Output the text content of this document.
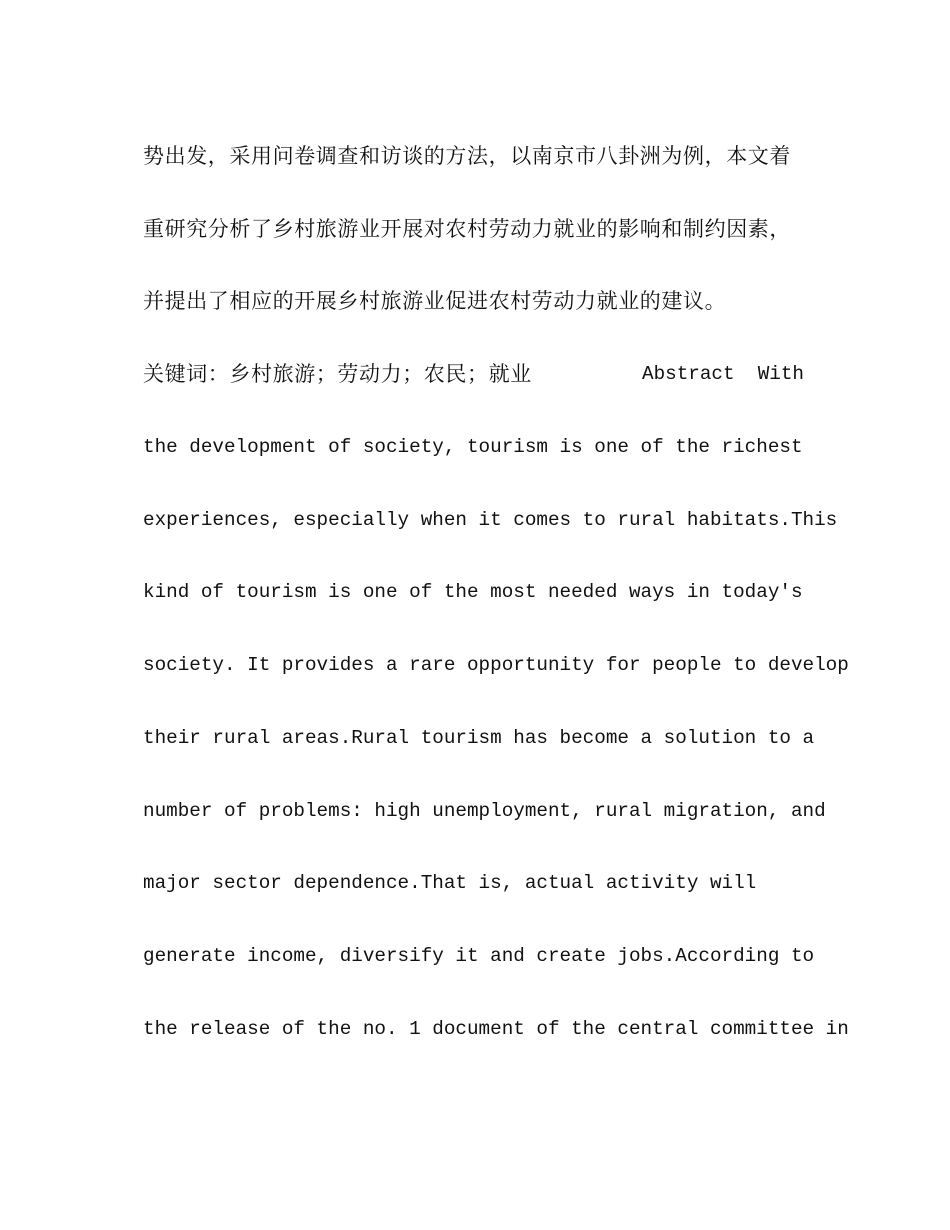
势出发，采用问卷调查和访谈的方法，以南京市八卦洲为例，本文着
重研究分析了乡村旅游业开展对农村劳动力就业的影响和制约因素，
并提出了相应的开展乡村旅游业促进农村劳动力就业的建议。
关键词：乡村旅游；劳动力；农民；就业	Abstract  With
the development of society, tourism is one of the richest
experiences, especially when it comes to rural habitats.This
kind of tourism is one of the most needed ways in today′s
society. It provides a rare opportunity for people to develop
their rural areas.Rural tourism has become a solution to a
number of problems: high unemployment, rural migration, and
major sector dependence.That is, actual activity will
generate income, diversify it and create jobs.According to
the release of the no. 1 document of the central committee in
